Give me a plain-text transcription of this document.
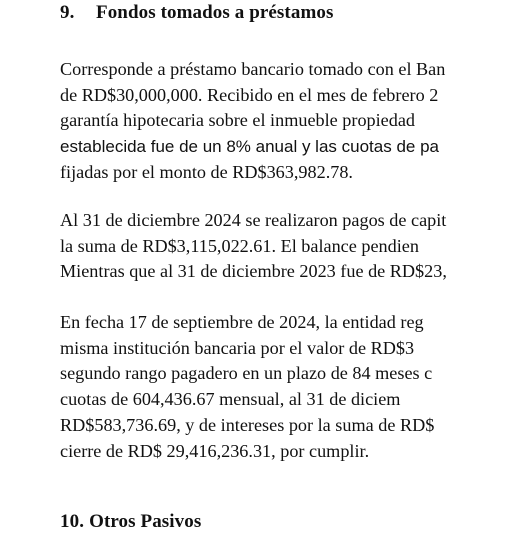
9. Fondos tomados a préstamos
Corresponde a préstamo bancario tomado con el Ban
de RD$30,000,000. Recibido en el mes de febrero 2
garantía hipotecaria sobre el inmueble propiedad
establecida fue de un 8% anual y las cuotas de pa
fijadas por el monto de RD$363,982.78.
Al 31 de diciembre 2024 se realizaron pagos de capit
la suma de RD$3,115,022.61. El balance pendien
Mientras que al 31 de diciembre 2023 fue de RD$23,
En fecha 17 de septiembre de 2024, la entidad reg
misma institución bancaria por el valor de RD$3
segundo rango pagadero en un plazo de 84 meses c
cuotas de 604,436.67 mensual, al 31 de diciem
RD$583,736.69, y de intereses por la suma de RD$
cierre de RD$ 29,416,236.31, por cumplir.
10. Otros Pasivos
